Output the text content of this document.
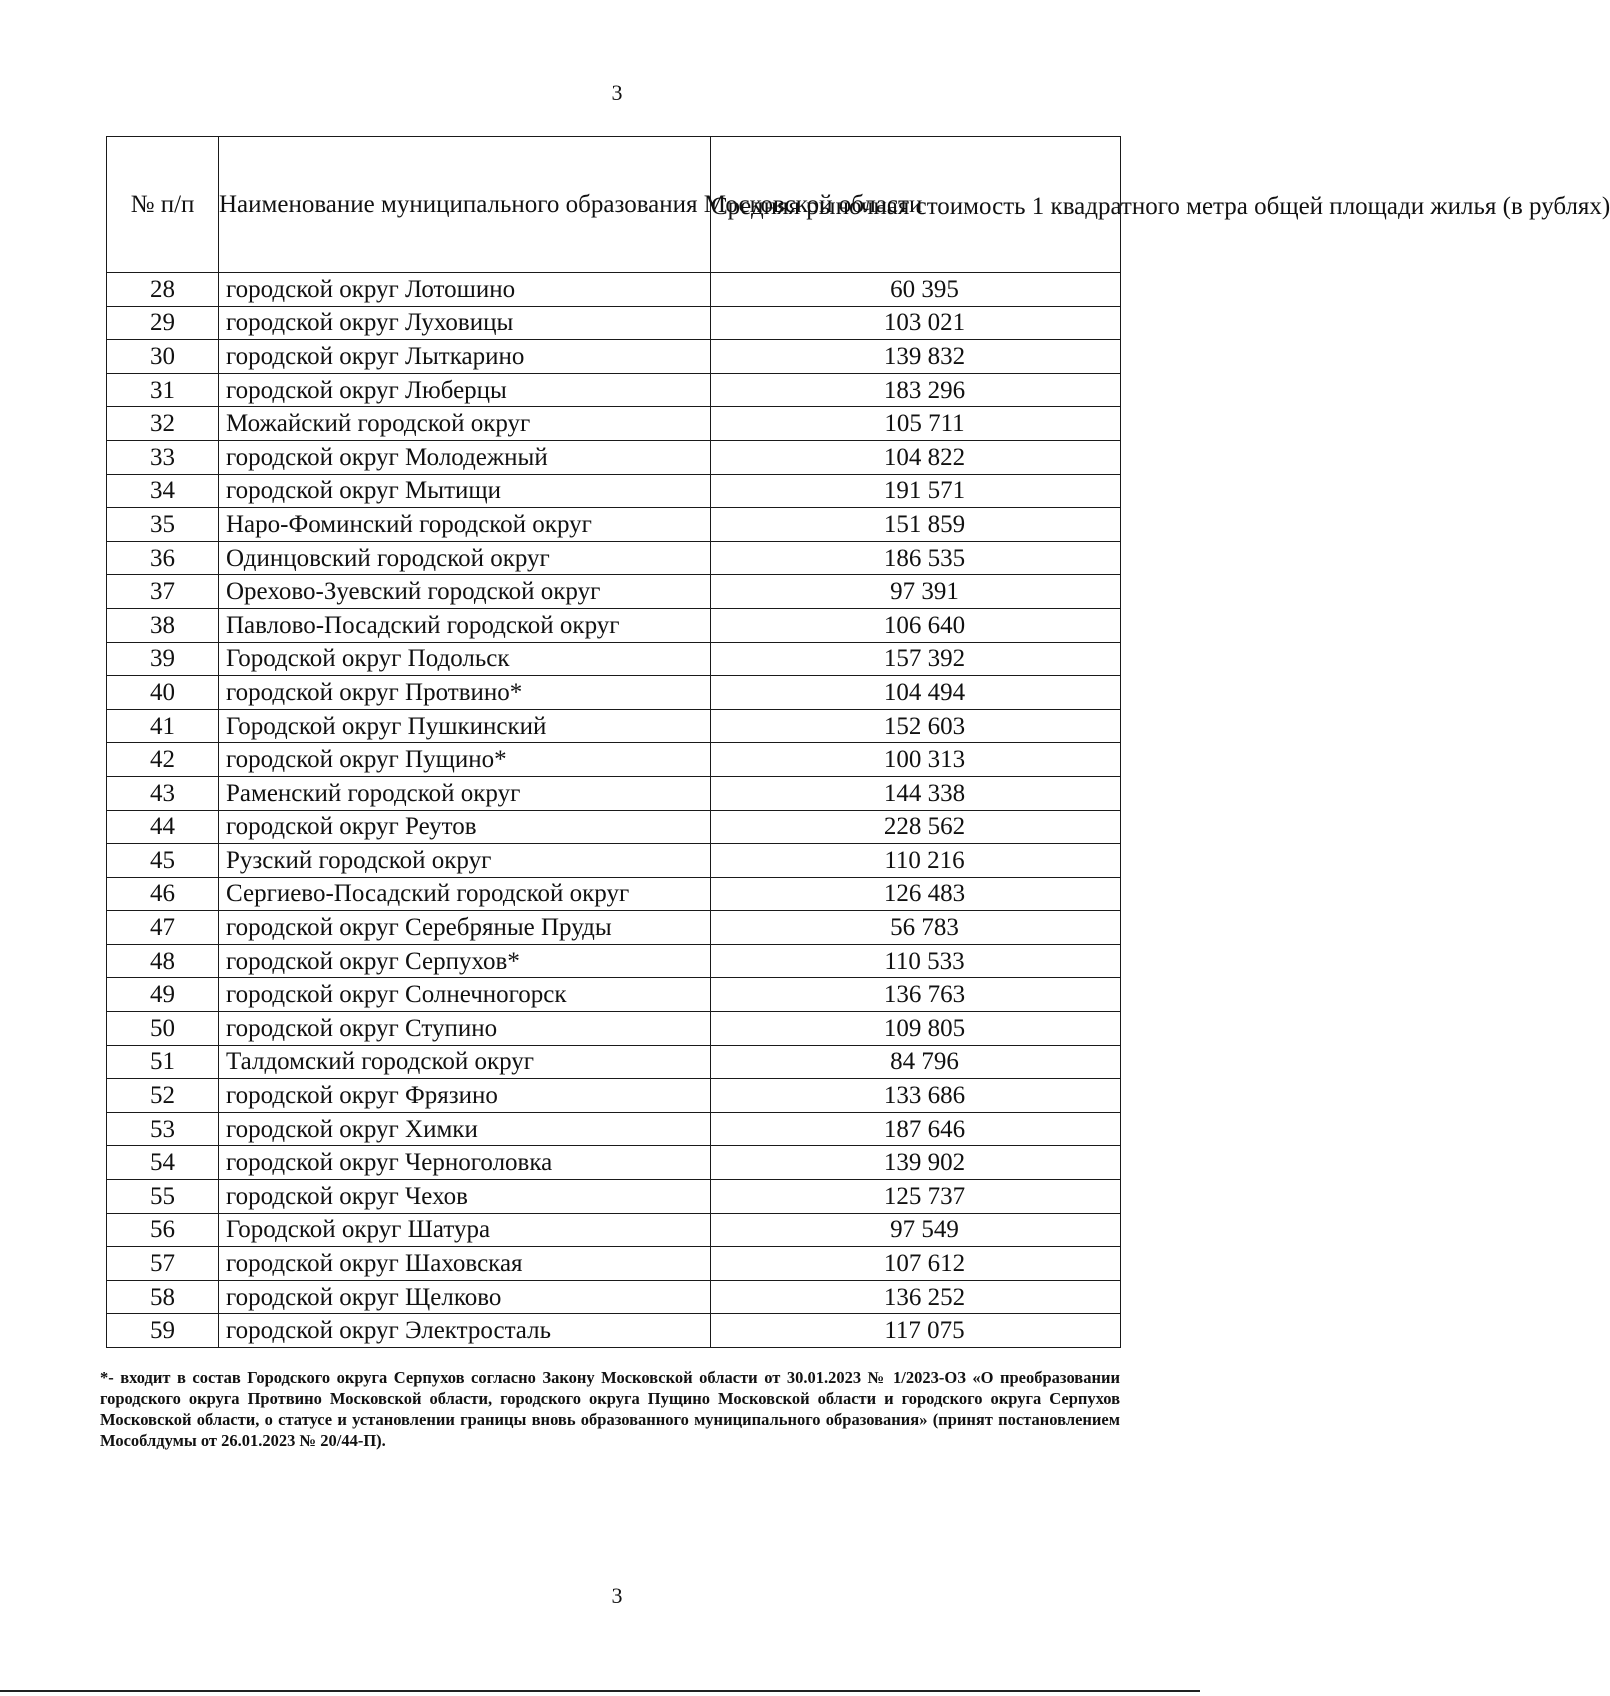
3
№ п/п	Наименование муниципального образования Московской области	Средняя рыночная стоимость 1 квадратного метра общей площади жилья (в рублях)
28	городской округ Лотошино	60 395
29	городской округ Луховицы	103 021
30	городской округ Лыткарино	139 832
31	городской округ Люберцы	183 296
32	Можайский городской округ	105 711
33	городской округ Молодежный	104 822
34	городской округ Мытищи	191 571
35	Наро-Фоминский городской округ	151 859
36	Одинцовский городской округ	186 535
37	Орехово-Зуевский городской округ	97 391
38	Павлово-Посадский городской округ	106 640
39	Городской округ Подольск	157 392
40	городской округ Протвино*	104 494
41	Городской округ Пушкинский	152 603
42	городской округ Пущино*	100 313
43	Раменский городской округ	144 338
44	городской округ Реутов	228 562
45	Рузский городской округ	110 216
46	Сергиево-Посадский городской округ	126 483
47	городской округ Серебряные Пруды	56 783
48	городской округ Серпухов*	110 533
49	городской округ Солнечногорск	136 763
50	городской округ Ступино	109 805
51	Талдомский городской округ	84 796
52	городской округ Фрязино	133 686
53	городской округ Химки	187 646
54	городской округ Черноголовка	139 902
55	городской округ Чехов	125 737
56	Городской округ Шатура	97 549
57	городской округ Шаховская	107 612
58	городской округ Щелково	136 252
59	городской округ Электросталь	117 075
*- входит в состав Городского округа Серпухов согласно Закону Московской области от 30.01.2023 № 1/2023-ОЗ «О преобразовании городского округа Протвино Московской области, городского округа Пущино Московской области и городского округа Серпухов Московской области, о статусе и установлении границы вновь образованного муниципального образования» (принят постановлением Мособлдумы от 26.01.2023 № 20/44-П).
3
